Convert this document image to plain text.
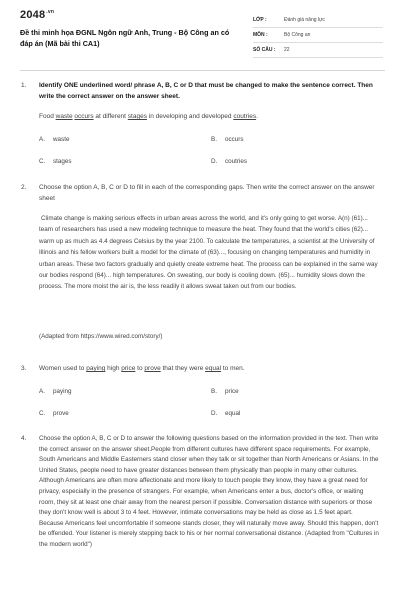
$2048^{.vn}$
Đề thi minh họa ĐGNL Ngôn ngữ Anh, Trung - Bộ Công an có đáp án (Mã bài thi CA1)
LỚP :	Đánh giá năng lực
MÔN :	Bộ Công an
SỐ CÂU : 22
1. Identify ONE underlined word/ phrase A, B, C or D that must be changed to make the sentence correct. Then write the correct answer on the answer sheet.
Food waste occurs at different stages in developing and developed coutries.
A. waste	B. occurs
C. stages	D. coutries
2. Choose the option A, B, C or D to fill in each of the corresponding gaps. Then write the correct answer on the answer sheet
Climate change is making serious effects in urban areas across the world, and it's only going to get worse. A(n) (61)... team of researchers has used a new modeling technique to measure the heat. They found that the world's cities (62)... warm up as much as 4.4 degrees Celsius by the year 2100. To calculate the temperatures, a scientist at the University of Illinois and his fellow workers built a model for the climate of (63)..., focusing on changing temperatures and humidity in urban areas. These two factors gradually and quietly create extreme heat. The process can be explained in the same way our bodies respond (64)... high temperatures. On sweating, our body is cooling down. (65)... humidity slows down the process. The more moist the air is, the less readily it allows sweat taken out from our bodies.
(Adapted from https://www.wired.com/story/)
3. Women used to paying high price to prove that they were equal to men.
A. paying	B. price
C. prove	D. equal
4. Choose the option A, B, C or D to answer the following questions based on the information provided in the text. Then write the correct answer on the answer sheet.People from different cultures have different space requirements. For example, South Americans and Middle Easterners stand closer when they talk or sit together than North Americans or Asians. In the United States, people need to have greater distances between them physically than people in many other cultures. Although Americans are often more affectionate and more likely to touch people they know, they have a great need for privacy, especially in the presence of strangers. For example, when Americans enter a bus, doctor's office, or waiting room, they sit at least one chair away from the nearest person if possible. Conversation distance with superiors or those they don't know well is about 3 to 4 feet. However, intimate conversations may be held as close as 1.5 feet apart. Because Americans feel uncomfortable if someone stands closer, they will naturally move away. Should this happen, don't be offended. Your listener is merely stepping back to his or her normal conversational distance. (Adapted from "Cultures in the modern world")
